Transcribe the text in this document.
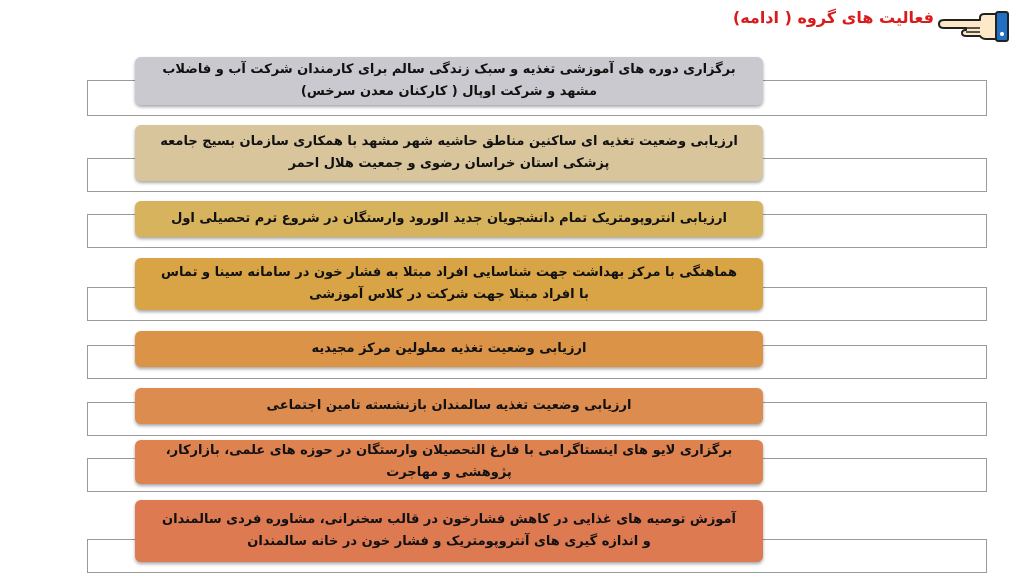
فعالیت های گروه ( ادامه)
برگزاری دوره های آموزشی تغذیه و سبک زندگی سالم برای کارمندان شرکت آب و فاضلاب مشهد و شرکت اوپال ( کارکنان معدن سرخس)
ارزیابی وضعیت تغذیه ای ساکنین مناطق حاشیه شهر مشهد با همکاری سازمان بسیج جامعه پزشکی استان خراسان رضوی و جمعیت هلال احمر
ارزیابی انتروپومتریک تمام دانشجویان جدید الورود وارستگان در شروع ترم تحصیلی اول
هماهنگی با مرکز بهداشت جهت شناسایی افراد مبتلا به فشار خون در سامانه سینا و تماس با افراد مبتلا جهت شرکت در کلاس آموزشی
ارزیابی وضعیت تغذیه معلولین مرکز مجیدیه
ارزیابی وضعیت تغذیه سالمندان بازنشسته تامین اجتماعی
برگزاری لایو های اینستاگرامی با فارغ التحصیلان وارستگان در حوزه های علمی، بازارکار، پژوهشی و مهاجرت
آموزش توصیه های غذایی در کاهش فشارخون در قالب سخنرانی، مشاوره فردی سالمندان و اندازه گیری های آنتروپومتریک و فشار خون در خانه سالمندان
